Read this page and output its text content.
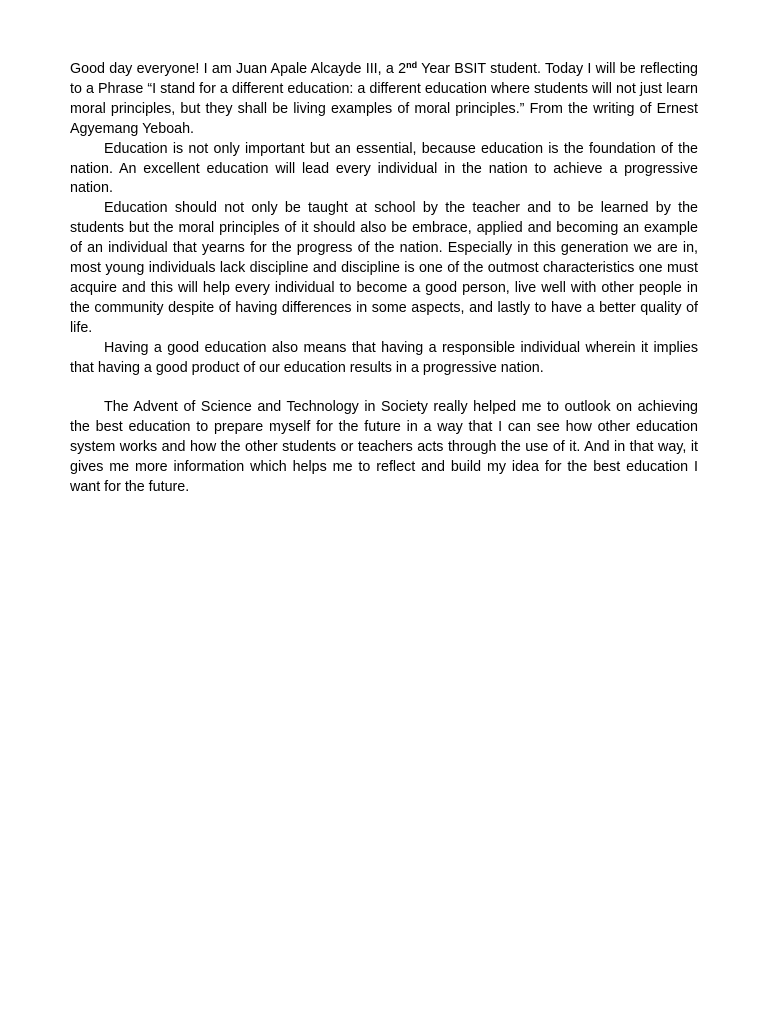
Good day everyone! I am Juan Apale Alcayde III, a 2nd Year BSIT student. Today I will be reflecting to a Phrase “I stand for a different education: a different education where students will not just learn moral principles, but they shall be living examples of moral principles.” From the writing of Ernest Agyemang Yeboah.

Education is not only important but an essential, because education is the foundation of the nation. An excellent education will lead every individual in the nation to achieve a progressive nation.

Education should not only be taught at school by the teacher and to be learned by the students but the moral principles of it should also be embrace, applied and becoming an example of an individual that yearns for the progress of the nation. Especially in this generation we are in, most young individuals lack discipline and discipline is one of the outmost characteristics one must acquire and this will help every individual to become a good person, live well with other people in the community despite of having differences in some aspects, and lastly to have a better quality of life.

Having a good education also means that having a responsible individual wherein it implies that having a good product of our education results in a progressive nation.

The Advent of Science and Technology in Society really helped me to outlook on achieving the best education to prepare myself for the future in a way that I can see how other education system works and how the other students or teachers acts through the use of it. And in that way, it gives me more information which helps me to reflect and build my idea for the best education I want for the future.
